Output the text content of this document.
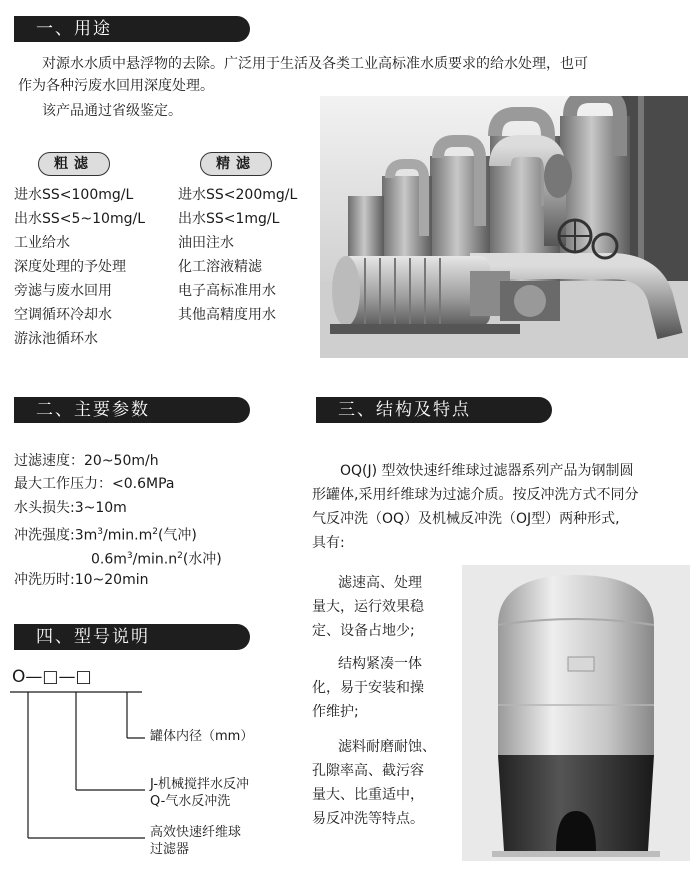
一、用途
对源水水质中悬浮物的去除。广泛用于生活及各类工业高标准水质要求的给水处理，也可
作为各种污废水回用深度处理。
该产品通过省级鉴定。
粗滤	精滤
进水SS<100mg/L
出水SS<5~10mg/L
工业给水
深度处理的予处理
旁滤与废水回用
空调循环冷却水
游泳池循环水
进水SS<200mg/L
出水SS<1mg/L
油田注水
化工溶液精滤
电子高标准用水
其他高精度用水
二、主要参数
过滤速度：20~50m/h
最大工作压力：<0.6MPa
水头损失:3~10m
冲洗强度$:3m^3/\min.m^2$(气冲)
$0.6m^3/\min.n^2$(水冲)
冲洗历时:10~20min
三、结构及特点
OQ(J) 型效快速纤维球过滤器系列产品为钢制圆
形罐体,采用纤维球为过滤介质。按反冲洗方式不同分
气反冲洗（OQ）及机械反冲洗（OJ型）两种形式,
具有:
滤速高、处理
量大，运行效果稳
定、设备占地少;
结构紧凑一体
化，易于安装和操
作维护;
滤料耐磨耐蚀、
孔隙率高、截污容
量大、比重适中，
易反冲洗等特点。
四、型号说明
O—□—□
罐体内径（mm）
J-机械搅拌水反冲
Q-气水反冲洗
高效快速纤维球
过滤器
